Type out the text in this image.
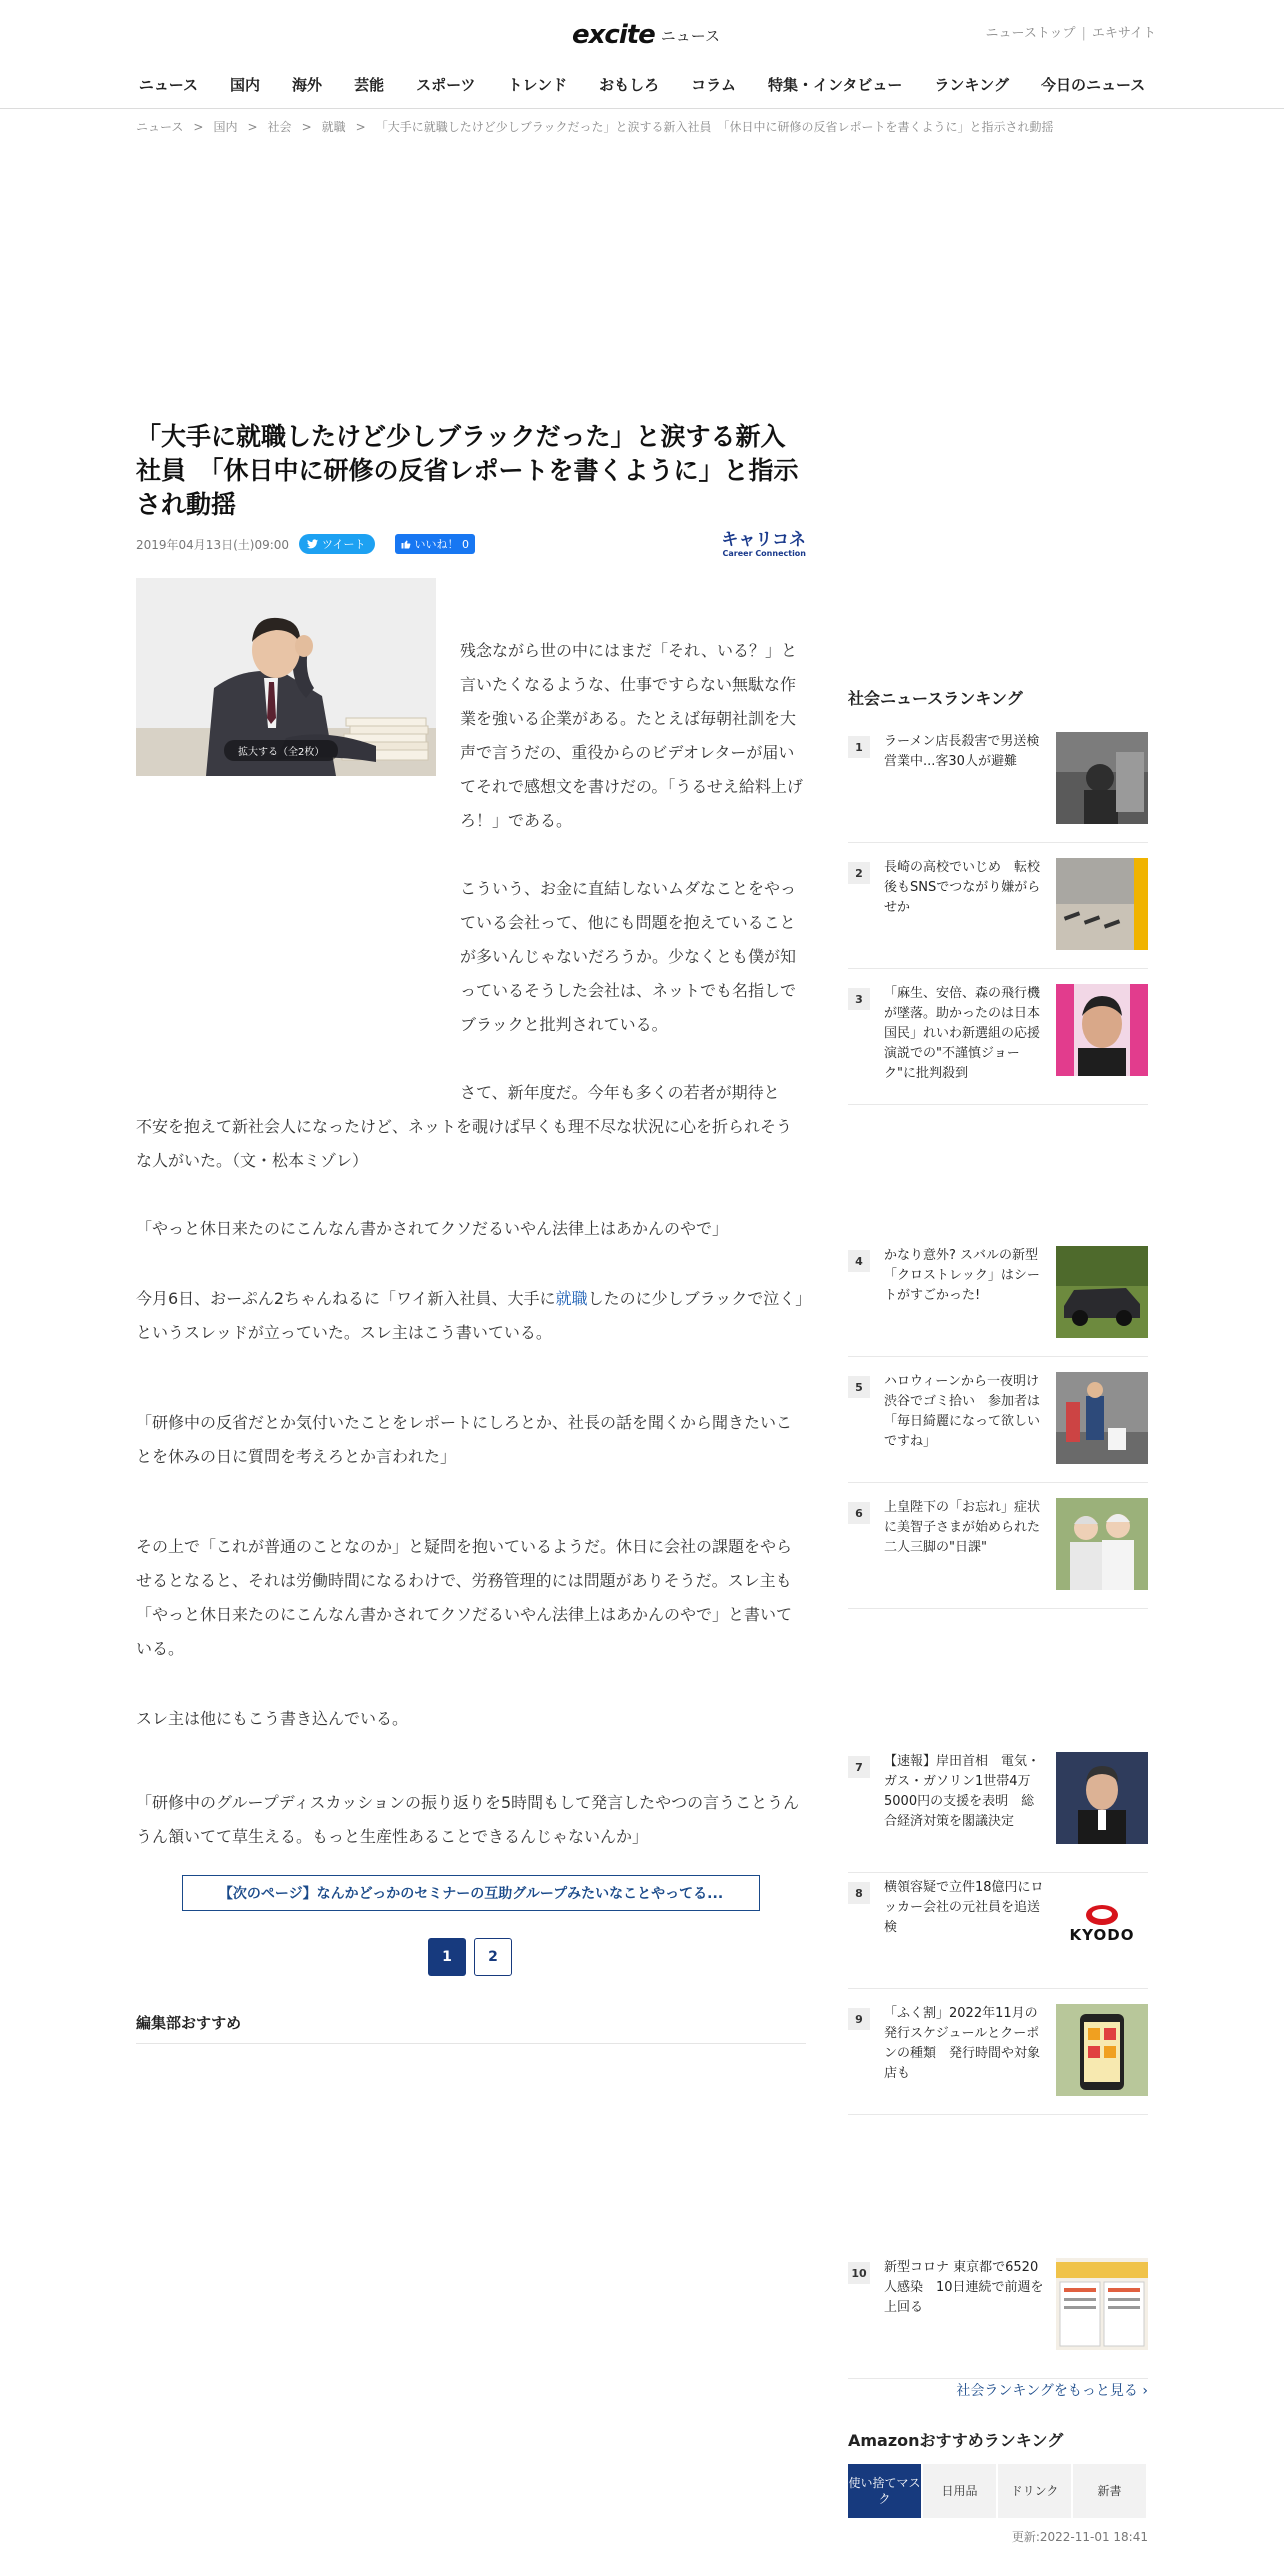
excite ニュース	ニューストップ | エキサイト
ニュース 国内 海外 芸能 スポーツ トレンド おもしろ コラム 特集・インタビュー ランキング 今日のニュース
ニュース > 国内 > 社会 > 就職 > 「大手に就職したけど少しブラックだった」と涙する新入社員　「休日中に研修の反省レポートを書くように」と指示され動揺
「大手に就職したけど少しブラックだった」と涙する新入社員　「休日中に研修の反省レポートを書くように」と指示され動揺
2019年04月13日(土)09:00	ツイート	いいね！ 0	キャリコネ
Career Connection
拡大する（全2枚）

残念ながら世の中にはまだ「それ、いる？」と言いたくなるような、仕事ですらない無駄な作業を強いる企業がある。たとえば毎朝社訓を大声で言うだの、重役からのビデオレターが届いてそれで感想文を書けだの。「うるせえ給料上げろ！」である。

こういう、お金に直結しないムダなことをやっている会社って、他にも問題を抱えていることが多いんじゃないだろうか。少なくとも僕が知っているそうした会社は、ネットでも名指しでブラックと批判されている。

さて、新年度だ。今年も多くの若者が期待と

不安を抱えて新社会人になったけど、ネットを覗けば早くも理不尽な状況に心を折られそうな人がいた。（文・松本ミゾレ）

「やっと休日来たのにこんなん書かされてクソだるいやん法律上はあかんのやで」

今月6日、おーぷん2ちゃんねるに「ワイ新入社員、大手に就職したのに少しブラックで泣く」というスレッドが立っていた。スレ主はこう書いている。

「研修中の反省だとか気付いたことをレポートにしろとか、社長の話を聞くから聞きたいことを休みの日に質問を考えろとか言われた」

その上で「これが普通のことなのか」と疑問を抱いているようだ。休日に会社の課題をやらせるとなると、それは労働時間になるわけで、労務管理的には問題がありそうだ。スレ主も「やっと休日来たのにこんなん書かされてクソだるいやん法律上はあかんのやで」と書いている。

スレ主は他にもこう書き込んでいる。

「研修中のグループディスカッションの振り返りを5時間もして発言したやつの言うことうんうん頷いてて草生える。もっと生産性あることできるんじゃないんか」

【次のページ】なんかどっかのセミナーの互助グループみたいなことやってる...
1	2
編集部おすすめ
社会ニュースランキング
1	ラーメン店長殺害で男送検　営業中...客30人が避難
2	長崎の高校でいじめ　転校後もSNSでつながり嫌がらせか
3	「麻生、安倍、森の飛行機が墜落。助かったのは日本国民」れいわ新選組の応援演説での"不謹慎ジョーク"に批判殺到
4	かなり意外? スバルの新型「クロストレック」はシートがすごかった!
5	ハロウィーンから一夜明け渋谷でゴミ拾い　参加者は「毎日綺麗になって欲しいですね」
6	上皇陛下の「お忘れ」症状に美智子さまが始められた二人三脚の"日課"
7	【速報】岸田首相　電気・ガス・ガソリン1世帯4万5000円の支援を表明　総合経済対策を閣議決定
8	横領容疑で立件18億円にロッカー会社の元社員を追送検	KYODO
9	「ふく割」2022年11月の発行スケジュールとクーポンの種類　発行時間や対象店も
10 新型コロナ 東京都で6520人感染　10日連続で前週を上回る
社会ランキングをもっと見る ›
Amazonおすすめランキング
使い捨てマスク
日用品	ドリンク	新書
更新:2022-11-01 18:41
